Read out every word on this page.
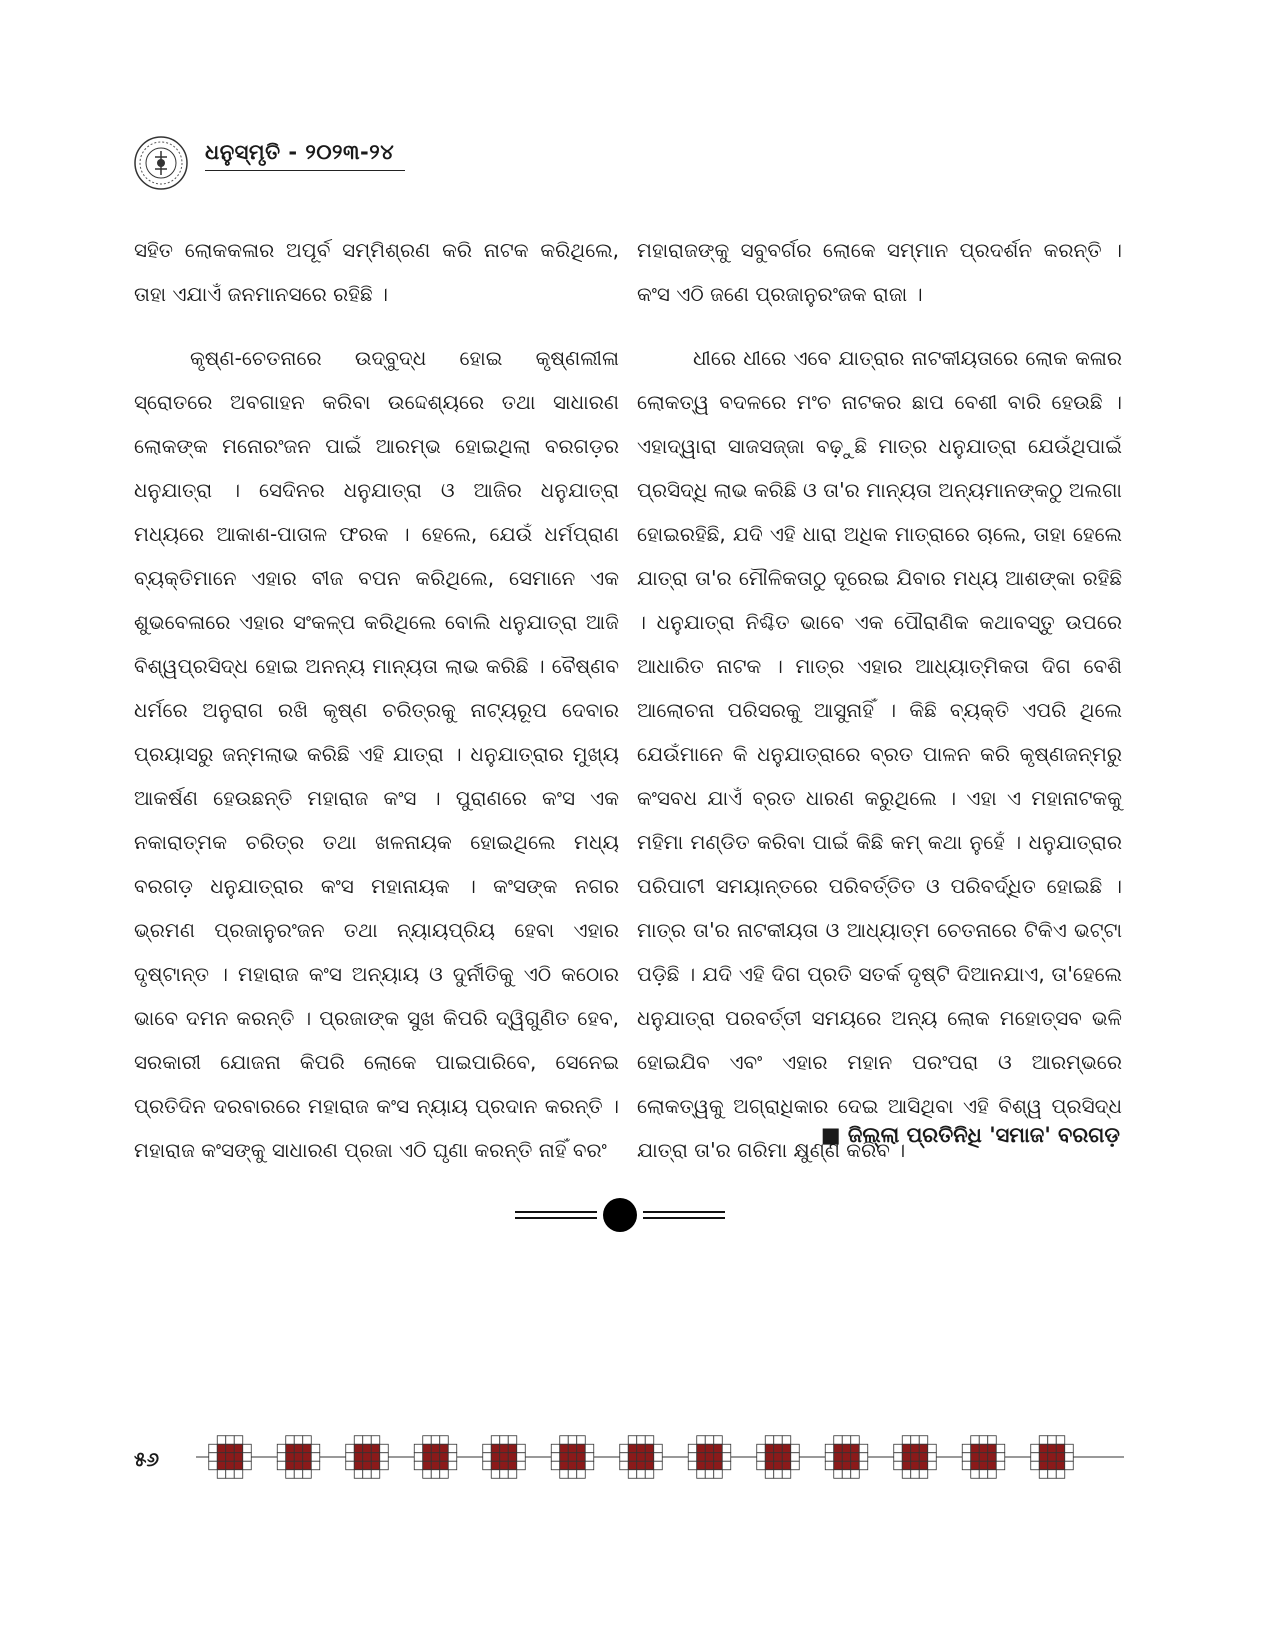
ଧନୁସ୍ମୃତି - ୨୦୨୩-୨୪

ସହିତ ଲୋକକଳାର ଅପୂର୍ବ ସମ୍ମିଶ୍ରଣ କରି ନାଟକ କରିଥିଲେ, ତାହା ଏଯାଏଁ ଜନମାନସରେ ରହିଛି ।

କୃଷ୍ଣ-ଚେତନାରେ ଉଦ୍‌ବୁଦ୍ଧ ହୋଇ କୃଷ୍ଣଲୀଳା ସ୍ରୋତରେ ଅବଗାହନ କରିବା ଉଦ୍ଦେଶ୍ୟରେ ତଥା ସାଧାରଣ ଲୋକଙ୍କ ମନୋରଂଜନ ପାଇଁ ଆରମ୍ଭ ହୋଇଥିଲା ବରଗଡ଼ର ଧନୁଯାତ୍ରା । ସେଦିନର ଧନୁଯାତ୍ରା ଓ ଆଜିର ଧନୁଯାତ୍ରା ମଧ୍ୟରେ ଆକାଶ-ପାତାଳ ଫରକ । ହେଲେ, ଯେଉଁ ଧର୍ମପ୍ରାଣ ବ୍ୟକ୍ତିମାନେ ଏହାର ବୀଜ ବପନ କରିଥିଲେ, ସେମାନେ ଏକ ଶୁଭବେଳାରେ ଏହାର ସଂକଳ୍ପ କରିଥିଲେ ବୋଲି ଧନୁଯାତ୍ରା ଆଜି ବିଶ୍ୱପ୍ରସିଦ୍ଧ ହୋଇ ଅନନ୍ୟ ମାନ୍ୟତା ଲାଭ କରିଛି । ବୈଷ୍ଣବ ଧର୍ମରେ ଅନୁରାଗ ରଖି କୃଷ୍ଣ ଚରିତ୍ରକୁ ନାଟ୍ୟରୂପ ଦେବାର ପ୍ରୟାସରୁ ଜନ୍ମଲାଭ କରିଛି ଏହି ଯାତ୍ରା । ଧନୁଯାତ୍ରାର ମୁଖ୍ୟ ଆକର୍ଷଣ ହେଉଛନ୍ତି ମହାରାଜ କଂସ । ପୁରାଣରେ କଂସ ଏକ ନକାରାତ୍ମକ ଚରିତ୍ର ତଥା ଖଳନାୟକ ହୋଇଥିଲେ ମଧ୍ୟ ବରଗଡ଼ ଧନୁଯାତ୍ରାର କଂସ ମହାନାୟକ । କଂସଙ୍କ ନଗର ଭ୍ରମଣ ପ୍ରଜାନୁରଂଜନ ତଥା ନ୍ୟାୟପ୍ରିୟ ହେବା ଏହାର ଦୃଷ୍ଟାନ୍ତ । ମହାରାଜ କଂସ ଅନ୍ୟାୟ ଓ ଦୁର୍ନୀତିକୁ ଏଠି କଠୋର ଭାବେ ଦମନ କରନ୍ତି । ପ୍ରଜାଙ୍କ ସୁଖ କିପରି ଦ୍ୱିଗୁଣିତ ହେବ, ସରକାରୀ ଯୋଜନା କିପରି ଲୋକେ ପାଇପାରିବେ, ସେନେଇ ପ୍ରତିଦିନ ଦରବାରରେ ମହାରାଜ କଂସ ନ୍ୟାୟ ପ୍ରଦାନ କରନ୍ତି । ମହାରାଜ କଂସଙ୍କୁ ସାଧାରଣ ପ୍ରଜା ଏଠି ଘୃଣା କରନ୍ତି ନାହିଁ ବରଂ

ମହାରାଜଙ୍କୁ ସବୁବର୍ଗର ଲୋକେ ସମ୍ମାନ ପ୍ରଦର୍ଶନ କରନ୍ତି । କଂସ ଏଠି ଜଣେ ପ୍ରଜାନୁରଂଜକ ରାଜା ।

ଧୀରେ ଧୀରେ ଏବେ ଯାତ୍ରାର ନାଟକୀୟତାରେ ଲୋକ କଳାର ଲୋକତ୍ୱ ବଦଳରେ ମଂଚ ନାଟକର ଛାପ ବେଶୀ ବାରି ହେଉଛି । ଏହାଦ୍ୱାରା ସାଜସଜ୍ଜା ବଢ଼ୁଛି ମାତ୍ର ଧନୁଯାତ୍ରା ଯେଉଁଥିପାଇଁ ପ୍ରସିଦ୍ଧି ଲାଭ କରିଛି ଓ ତା'ର ମାନ୍ୟତା ଅନ୍ୟମାନଙ୍କଠୁ ଅଲଗା ହୋଇରହିଛି, ଯଦି ଏହି ଧାରା ଅଧିକ ମାତ୍ରାରେ ଚାଲେ, ତାହା ହେଲେ ଯାତ୍ରା ତା'ର ମୌଳିକତାଠୁ ଦୂରେଇ ଯିବାର ମଧ୍ୟ ଆଶଙ୍କା ରହିଛି । ଧନୁଯାତ୍ରା ନିଶ୍ଚିତ ଭାବେ ଏକ ପୌରାଣିକ କଥାବସ୍ତୁ ଉପରେ ଆଧାରିତ ନାଟକ । ମାତ୍ର ଏହାର ଆଧ୍ୟାତ୍ମିକତା ଦିଗ ବେଶି ଆଲୋଚନା ପରିସରକୁ ଆସୁନାହିଁ । କିଛି ବ୍ୟକ୍ତି ଏପରି ଥିଲେ ଯେଉଁମାନେ କି ଧନୁଯାତ୍ରାରେ ବ୍ରତ ପାଳନ କରି କୃଷ୍ଣଜନ୍ମରୁ କଂସବଧ ଯାଏଁ ବ୍ରତ ଧାରଣ କରୁଥିଲେ । ଏହା ଏ ମହାନାଟକକୁ ମହିମା ମଣ୍ଡିତ କରିବା ପାଇଁ କିଛି କମ୍ କଥା ନୁହେଁ । ଧନୁଯାତ୍ରାର ପରିପାଟୀ ସମୟାନ୍ତରେ ପରିବର୍ତ୍ତିତ ଓ ପରିବର୍ଦ୍ଧିତ ହୋଇଛି । ମାତ୍ର ତା'ର ନାଟକୀୟତା ଓ ଆଧ୍ୟାତ୍ମ ଚେତନାରେ ଟିକିଏ ଭଟ୍ଟା ପଡ଼ିଛି । ଯଦି ଏହି ଦିଗ ପ୍ରତି ସତର୍କ ଦୃଷ୍ଟି ଦିଆନଯାଏ, ତା'ହେଲେ ଧନୁଯାତ୍ରା ପରବର୍ତ୍ତୀ ସମୟରେ ଅନ୍ୟ ଲୋକ ମହୋତ୍ସବ ଭଳି ହୋଇଯିବ ଏବଂ ଏହାର ମହାନ ପରଂପରା ଓ ଆରମ୍ଭରେ ଲୋକତ୍ୱକୁ ଅଗ୍ରାଧିକାର ଦେଇ ଆସିଥିବା ଏହି ବିଶ୍ୱ ପ୍ରସିଦ୍ଧ ଯାତ୍ରା ତା'ର ଗରିମା କ୍ଷୁଣ୍ଣ କରିବ ।

■ ଜିଲ୍ଲା ପ୍ରତିନିଧି 'ସମାଜ' ବରଗଡ଼
୫୬
